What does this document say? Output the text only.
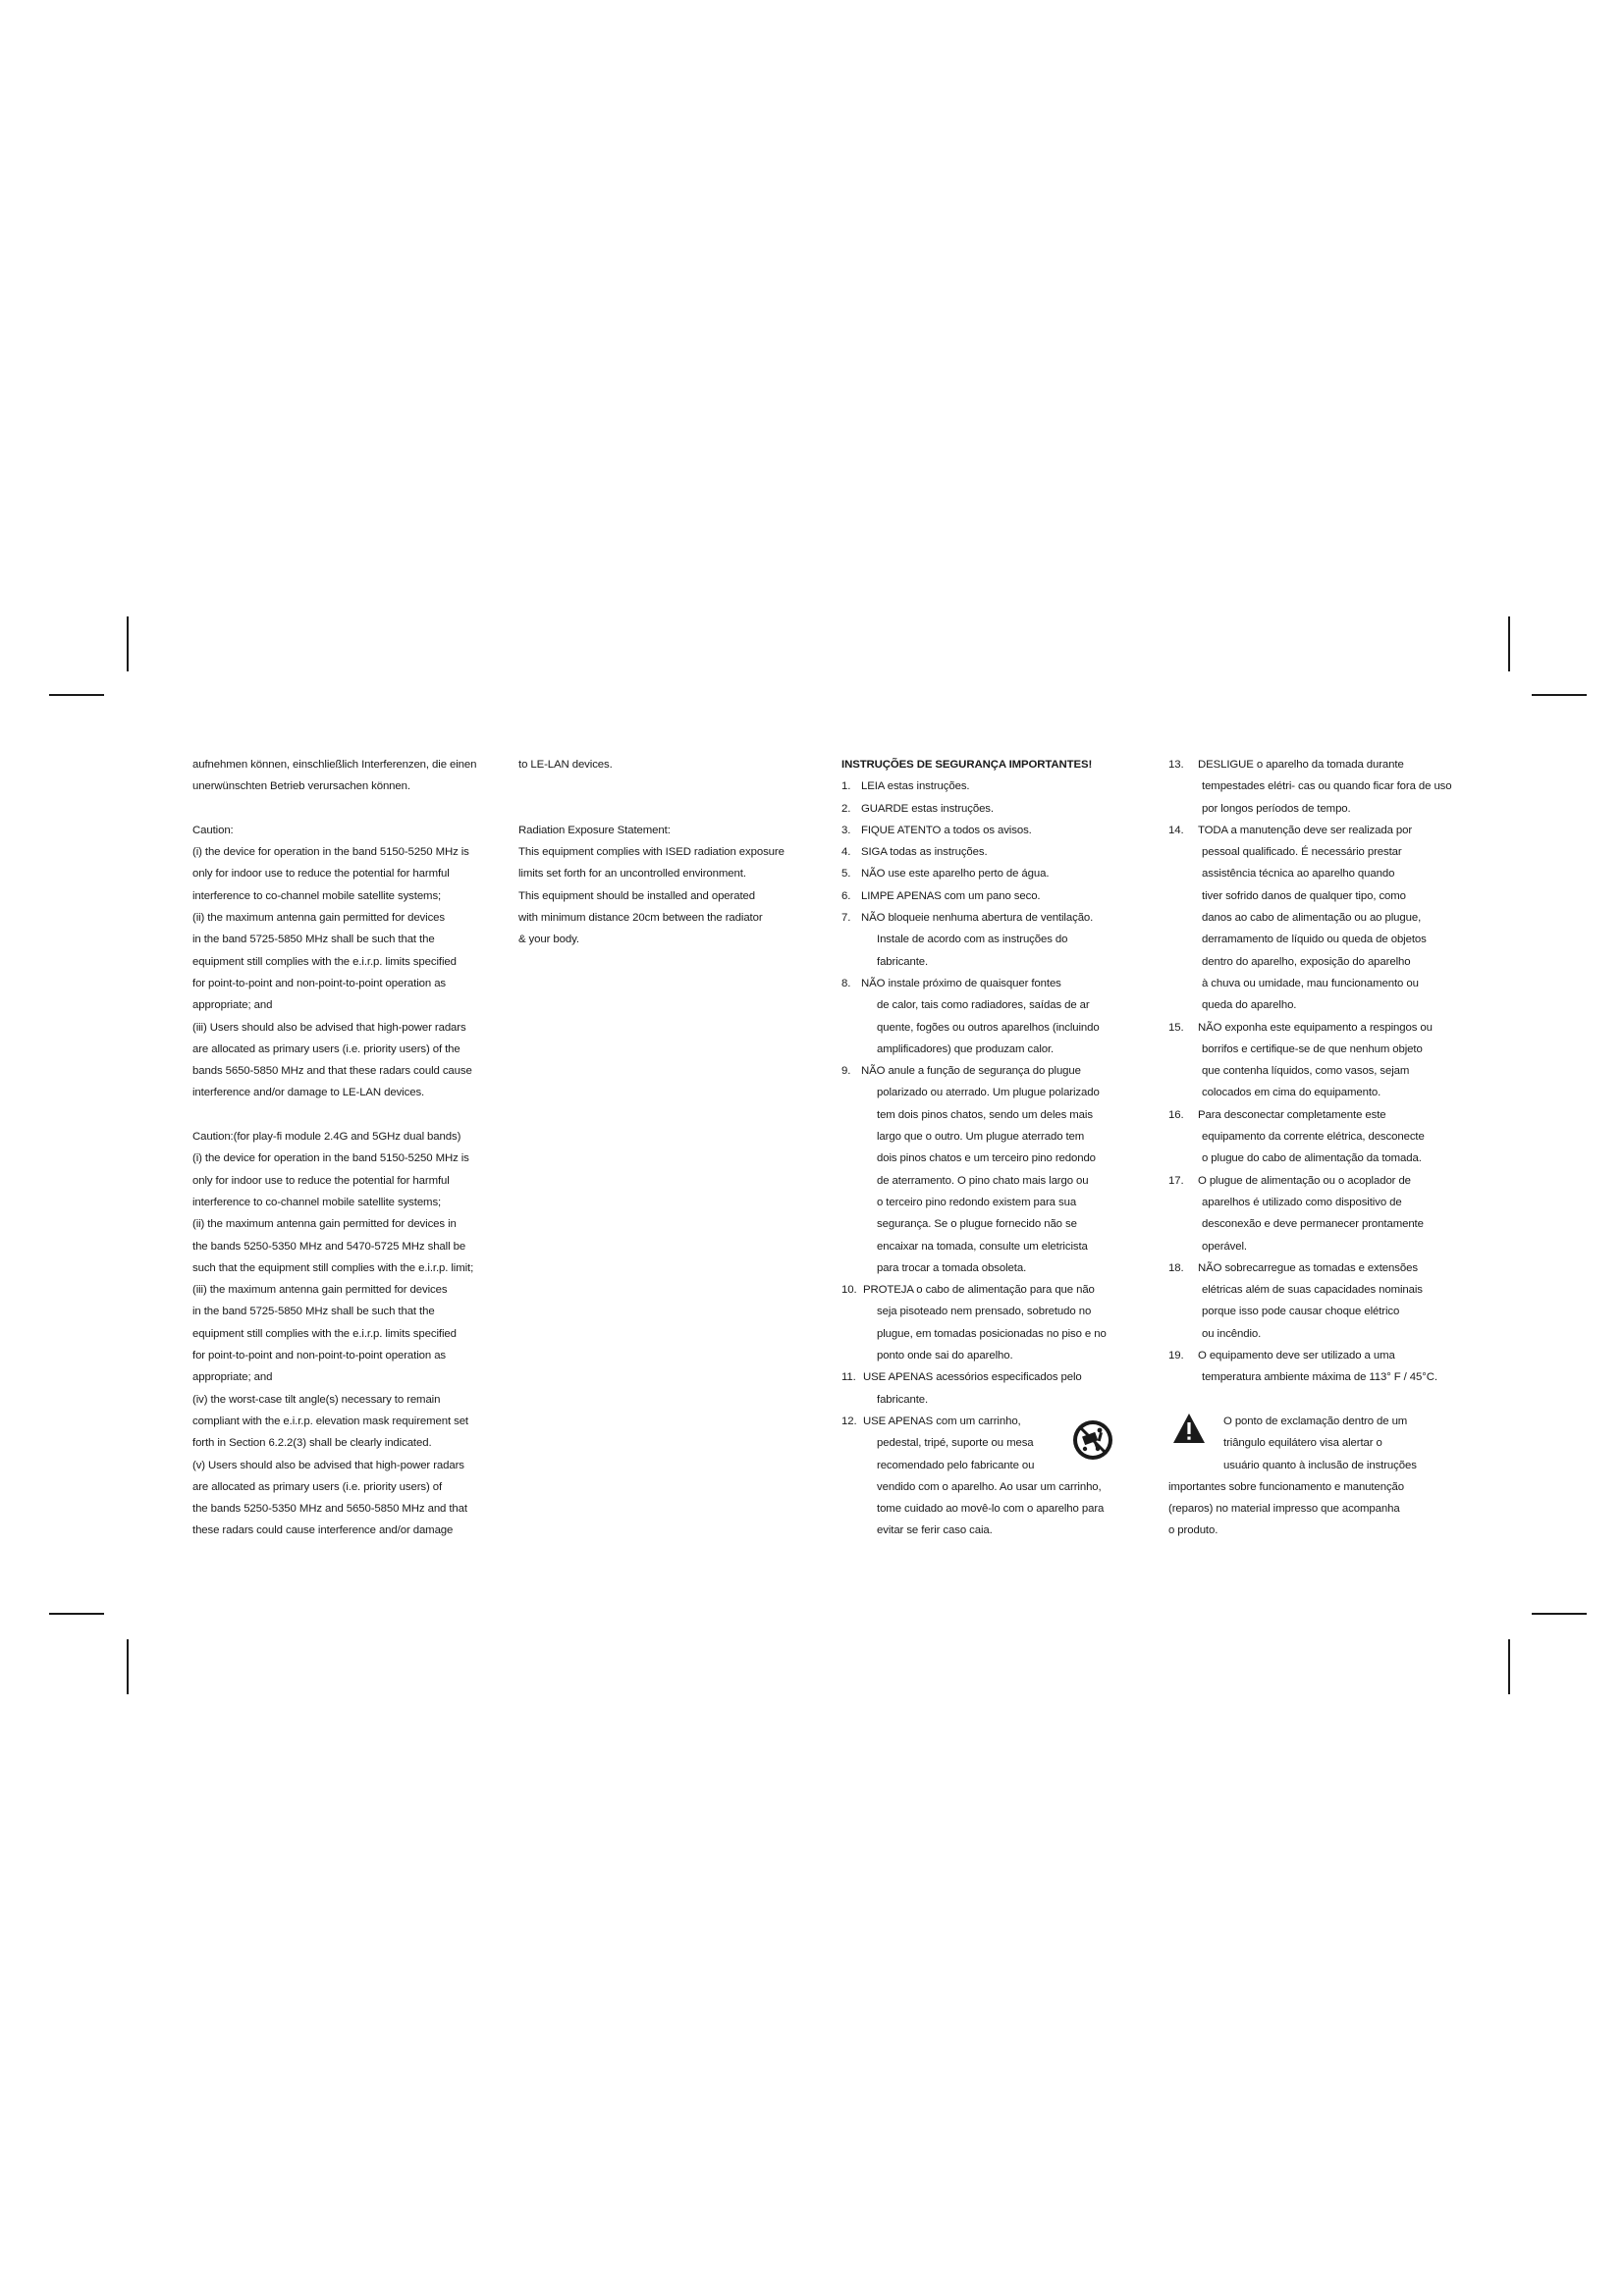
aufnehmen können, einschließlich Interferenzen, die einen

unerwünschten Betrieb verursachen können.

Caution:

(i) the device for operation in the band 5150-5250 MHz is

only for indoor use to reduce the potential for harmful

interference to co-channel mobile satellite systems;

(ii) the maximum antenna gain permitted for devices

in the band 5725-5850 MHz shall be such that the

equipment still complies with the e.i.r.p. limits specified

for point-to-point and non-point-to-point operation as

appropriate; and

(iii) Users should also be advised that high-power radars

are allocated as primary users (i.e. priority users) of the

bands 5650-5850 MHz and that these radars could cause

interference and/or damage to LE-LAN devices.

Caution:(for play-fi module 2.4G and 5GHz dual bands)

(i) the device for operation in the band 5150-5250 MHz is

only for indoor use to reduce the potential for harmful

interference to co-channel mobile satellite systems;

(ii) the maximum antenna gain permitted for devices in

the bands 5250-5350 MHz and 5470-5725 MHz shall be

such that the equipment still complies with the e.i.r.p. limit;

(iii) the maximum antenna gain permitted for devices

in the band 5725-5850 MHz shall be such that the

equipment still complies with the e.i.r.p. limits specified

for point-to-point and non-point-to-point operation as

appropriate; and

(iv) the worst-case tilt angle(s) necessary to remain

compliant with the e.i.r.p. elevation mask requirement set

forth in Section 6.2.2(3) shall be clearly indicated.

(v) Users should also be advised that high-power radars

are allocated as primary users (i.e. priority users) of

the bands 5250-5350 MHz and 5650-5850 MHz and that

these radars could cause interference and/or damage

to LE-LAN devices.

Radiation Exposure Statement:

This equipment complies with ISED radiation exposure

limits set forth for an uncontrolled environment.

This equipment should be installed and operated

with minimum distance 20cm between the radiator

& your body.

INSTRUÇÕES DE SEGURANÇA IMPORTANTES!

1. LEIA estas instruções.
2. GUARDE estas instruções.
3. FIQUE ATENTO a todos os avisos.
4. SIGA todas as instruções.
5. NÃO use este aparelho perto de água.
6. LIMPE APENAS com um pano seco.
7. NÃO bloqueie nenhuma abertura de ventilação.

Instale de acordo com as instruções do

fabricante.

8. NÃO instale próximo de quaisquer fontes

de calor, tais como radiadores, saídas de ar

quente, fogões ou outros aparelhos (incluindo

amplificadores) que produzam calor.

9. NÃO anule a função de segurança do plugue

polarizado ou aterrado. Um plugue polarizado

tem dois pinos chatos, sendo um deles mais

largo que o outro. Um plugue aterrado tem

dois pinos chatos e um terceiro pino redondo

de aterramento. O pino chato mais largo ou

o terceiro pino redondo existem para sua

segurança. Se o plugue fornecido não se

encaixar na tomada, consulte um eletricista

para trocar a tomada obsoleta.

10. PROTEJA o cabo de alimentação para que não

seja pisoteado nem prensado, sobretudo no

plugue, em tomadas posicionadas no piso e no

ponto onde sai do aparelho.

11. USE APENAS acessórios especificados pelo

fabricante.

12. USE APENAS com um carrinho,

pedestal, tripé, suporte ou mesa

recomendado pelo fabricante ou

vendido com o aparelho. Ao usar um carrinho,

tome cuidado ao movê-lo com o aparelho para

evitar se ferir caso caia.

13.	DESLIGUE o aparelho da tomada durante

tempestades elétri- cas ou quando ficar fora de uso

por longos períodos de tempo.

14.	TODA a manutenção deve ser realizada por

pessoal qualificado. É necessário prestar

assistência técnica ao aparelho quando

tiver sofrido danos de qualquer tipo, como

danos ao cabo de alimentação ou ao plugue,

derramamento de líquido ou queda de objetos

dentro do aparelho, exposição do aparelho

à chuva ou umidade, mau funcionamento ou

queda do aparelho.

15.	NÃO exponha este equipamento a respingos ou

borrifos e certifique-se de que nenhum objeto

que contenha líquidos, como vasos, sejam

colocados em cima do equipamento.

16.	Para desconectar completamente este

equipamento da corrente elétrica, desconecte

o plugue do cabo de alimentação da tomada.

17.	O plugue de alimentação ou o acoplador de

aparelhos é utilizado como dispositivo de

desconexão e deve permanecer prontamente

operável.

18.	NÃO sobrecarregue as tomadas e extensões

elétricas além de suas capacidades nominais

porque isso pode causar choque elétrico

ou incêndio.

19.	O equipamento deve ser utilizado a uma

temperatura ambiente máxima de 113° F / 45°C.

O ponto de exclamação dentro de um

triângulo equilátero visa alertar o

usuário quanto à inclusão de instruções

importantes sobre funcionamento e manutenção

(reparos) no material impresso que acompanha

o produto.
